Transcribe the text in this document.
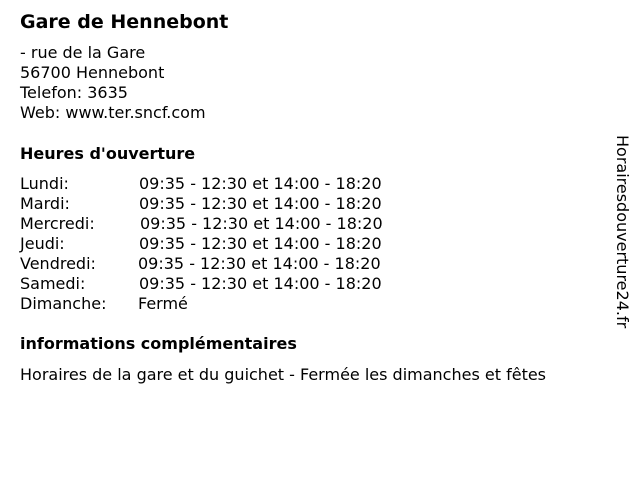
Gare de Hennebont
- rue de la Gare
56700 Hennebont
Telefon: 3635
Web: www.ter.sncf.com
Heures d'ouverture
Lundi:	09:35 - 12:30 et 14:00 - 18:20
Mardi:	09:35 - 12:30 et 14:00 - 18:20
Mercredi:	09:35 - 12:30 et 14:00 - 18:20
Jeudi:	09:35 - 12:30 et 14:00 - 18:20
Vendredi:	09:35 - 12:30 et 14:00 - 18:20
Samedi:	09:35 - 12:30 et 14:00 - 18:20
Dimanche: Fermé
informations complémentaires
Horaires de la gare et du guichet - Fermée les dimanches et fêtes
Horairesdouverture24.fr
